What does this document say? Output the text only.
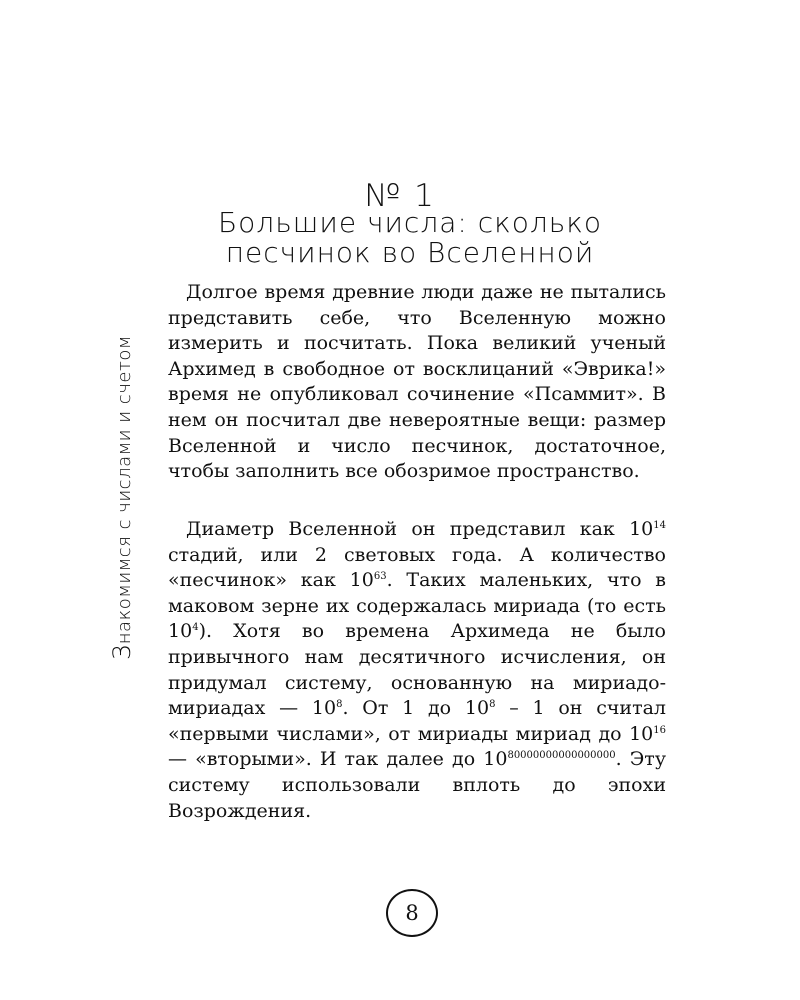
№ 1
Большие числа: сколько песчинок во Вселенной
Знакомимся с числами и счетом

Долгое время древние люди даже не пытались представить себе, что Вселенную можно измерить и посчитать. Пока великий ученый Архимед в свободное от восклицаний «Эврика!» время не опубликовал сочинение «Псаммит». В нем он посчитал две невероятные вещи: размер Вселенной и число песчинок, достаточное, чтобы заполнить все обозримое пространство.

Диаметр Вселенной он представил как $10^{14}$ стадий, или 2 световых года. А количество «песчинок» как $10^{63}$. Таких маленьких, что в маковом зерне их содержалась мириада (то есть $10^4$). Хотя во времена Архимеда не было привычного нам десятичного исчисления, он придумал систему, основанную на мириадо-мириадах — $10^8$. От 1 до $10^8 - 1$ он считал «первыми числами», от мириады мириад до $10^{16}$ — «вторыми». И так далее до $10^{80000000000000000}$. Эту систему использовали вплоть до эпохи Возрождения.

8
